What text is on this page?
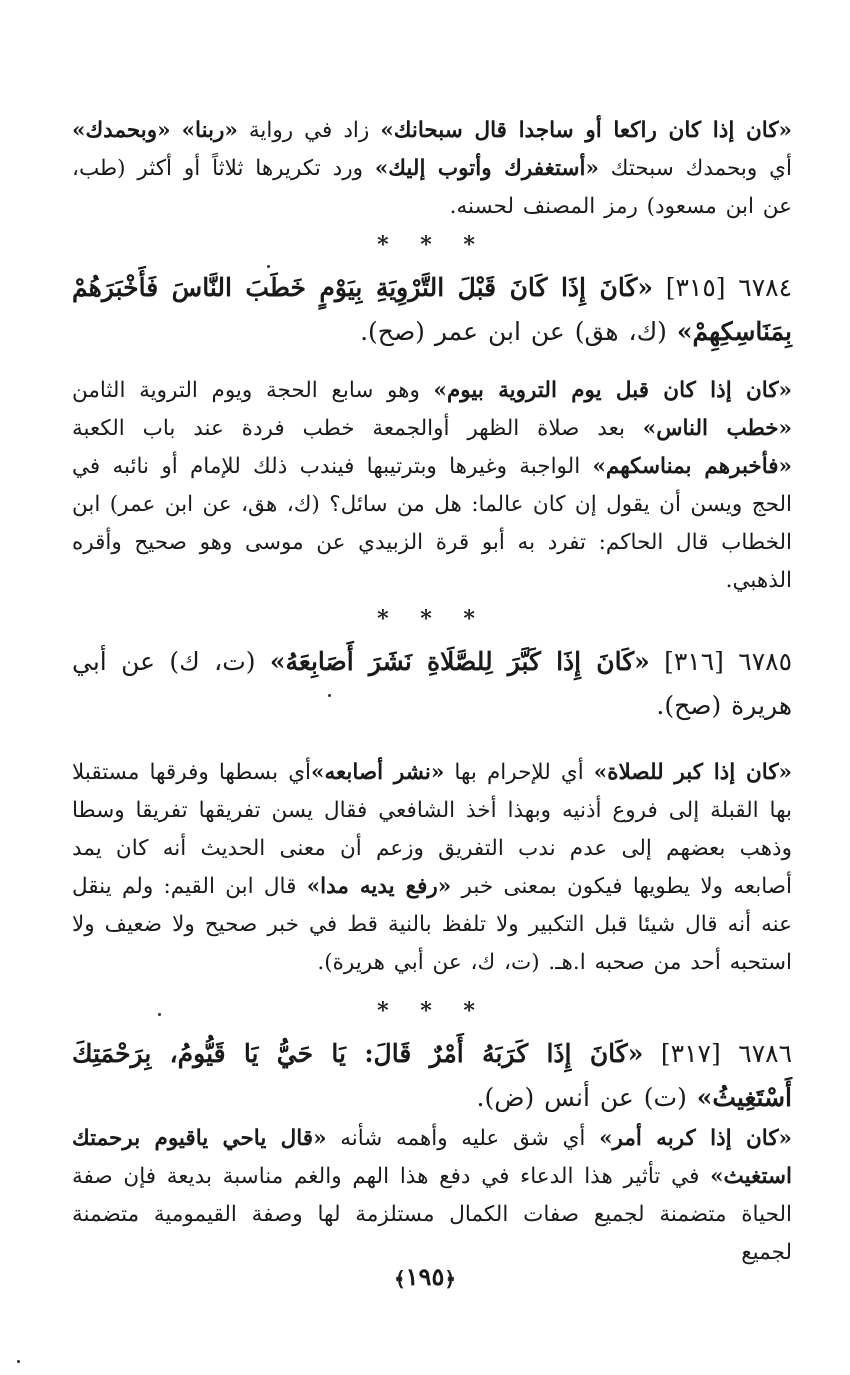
«كان إذا كان راكعا أو ساجدا قال سبحانك» زاد في رواية «ربنا» «وبحمدك» أي وبحمدك سبحتك «أستغفرك وأتوب إليك» ورد تكريرها ثلاثاً أو أكثر (طب، عن ابن مسعود) رمز المصنف لحسنه.

* * *

٦٧٨٤ [٣١٥] «كَانَ إِذَا كَانَ قَبْلَ التَّرْوِيَةِ بِيَوْمٍ خَطَبَ النَّاسَ فَأَخْبَرَهُمْ بِمَنَاسِكِهِمْ» (ك، هق) عن ابن عمر (صح).

«كان إذا كان قبل يوم التروية بيوم» وهو سابع الحجة ويوم التروية الثامن «خطب الناس» بعد صلاة الظهر أوالجمعة خطب فردة عند باب الكعبة «فأخبرهم بمناسكهم» الواجبة وغيرها وبترتيبها فيندب ذلك للإمام أو نائبه في الحج ويسن أن يقول إن كان عالما: هل من سائل؟ (ك، هق، عن ابن عمر) ابن الخطاب قال الحاكم: تفرد به أبو قرة الزبيدي عن موسى وهو صحيح وأقره الذهبي.

* * *

٦٧٨٥ [٣١٦] «كَانَ إِذَا كَبَّرَ لِلصَّلَاةِ نَشَرَ أَصَابِعَهُ» (ت، ك) عن أبي هريرة (صح).

«كان إذا كبر للصلاة» أي للإحرام بها «نشر أصابعه»أي بسطها وفرقها مستقبلا بها القبلة إلى فروع أذنيه وبهذا أخذ الشافعي فقال يسن تفريقها تفريقا وسطا وذهب بعضهم إلى عدم ندب التفريق وزعم أن معنى الحديث أنه كان يمد أصابعه ولا يطويها فيكون بمعنى خبر «رفع يديه مدا» قال ابن القيم: ولم ينقل عنه أنه قال شيئا قبل التكبير ولا تلفظ بالنية قط في خبر صحيح ولا ضعيف ولا استحبه أحد من صحبه ا.هـ. (ت، ك، عن أبي هريرة).

* * *

٦٧٨٦ [٣١٧] «كَانَ إِذَا كَرَبَهُ أَمْرٌ قَالَ: يَا حَيُّ يَا قَيُّومُ، بِرَحْمَتِكَ أَسْتَغِيثُ» (ت) عن أنس (ض).

«كان إذا كربه أمر» أي شق عليه وأهمه شأنه «قال ياحي ياقيوم برحمتك استغيث» في تأثير هذا الدعاء في دفع هذا الهم والغم مناسبة بديعة فإن صفة الحياة متضمنة لجميع صفات الكمال مستلزمة لها وصفة القيمومية متضمنة لجميع

﴿١٩٥﴾
